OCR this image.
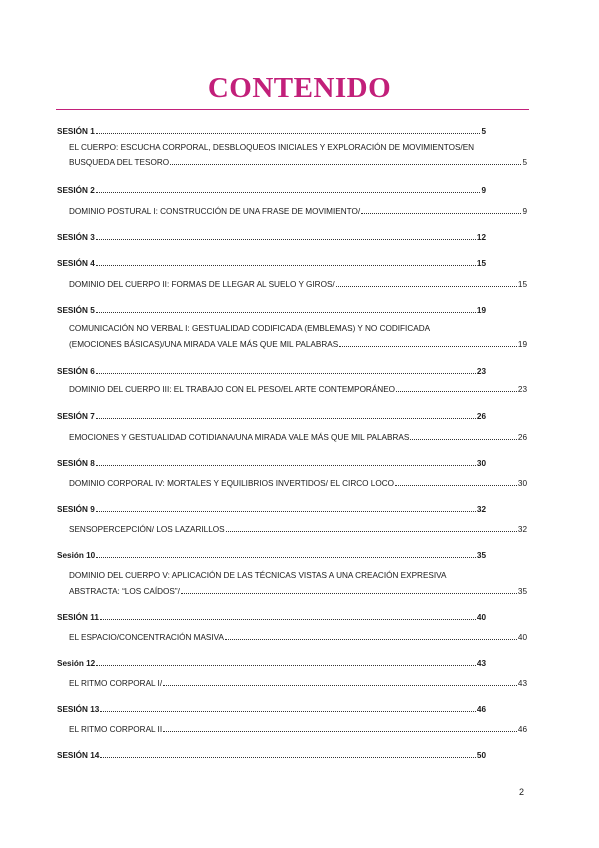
CONTENIDO
SESIÓN 1	5
EL CUERPO: ESCUCHA CORPORAL, DESBLOQUEOS INICIALES Y EXPLORACIÓN DE MOVIMIENTOS/EN
BUSQUEDA DEL TESORO	5
SESIÓN 2	9
DOMINIO POSTURAL I: CONSTRUCCIÓN DE UNA FRASE DE MOVIMIENTO/	9
SESIÓN 3	12
SESIÓN 4	15
DOMINIO DEL CUERPO II: FORMAS DE LLEGAR AL SUELO Y GIROS/	15
SESIÓN 5	19
COMUNICACIÓN NO VERBAL I: GESTUALIDAD CODIFICADA (EMBLEMAS) Y NO CODIFICADA
(EMOCIONES BÁSICAS)/UNA MIRADA VALE MÁS QUE MIL PALABRAS	19
SESIÓN 6	23
DOMINIO DEL CUERPO III: EL TRABAJO CON EL PESO/EL ARTE CONTEMPORÁNEO	23
SESIÓN 7	26
EMOCIONES Y GESTUALIDAD COTIDIANA/UNA MIRADA VALE MÁS QUE MIL PALABRAS	26
SESIÓN 8	30
DOMINIO CORPORAL IV: MORTALES Y EQUILIBRIOS INVERTIDOS/ EL CIRCO LOCO	30
SESIÓN 9	32
SENSOPERCEPCIÓN/ LOS LAZARILLOS	32
Sesión 10	35
DOMINIO DEL CUERPO V: APLICACIÓN DE LAS TÉCNICAS VISTAS A UNA CREACIÓN EXPRESIVA
ABSTRACTA: “LOS CAÍDOS”/	35
SESIÓN 11	40
EL ESPACIO/CONCENTRACIÓN MASIVA	40
Sesión 12	43
EL RITMO CORPORAL I/	43
SESIÓN 13	46
EL RITMO CORPORAL II	46
SESIÓN 14	50
2
